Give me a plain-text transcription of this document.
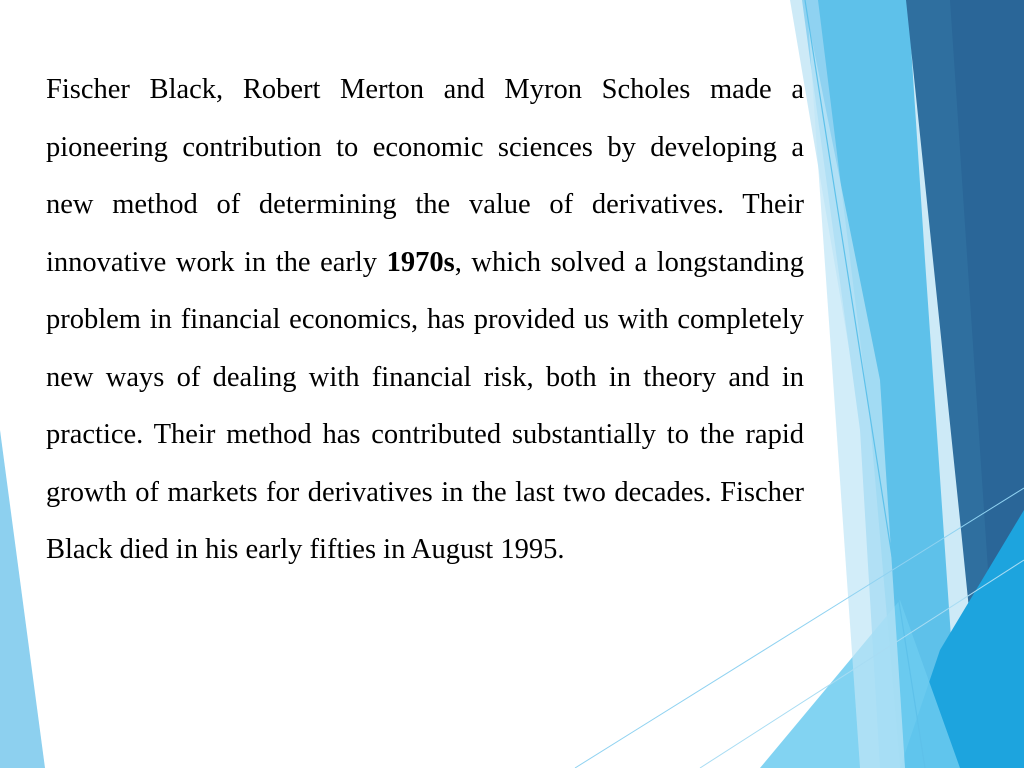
Fischer Black, Robert Merton and Myron Scholes made a pioneering contribution to economic sciences by developing a new method of determining the value of derivatives. Their innovative work in the early 1970s, which solved a longstanding problem in financial economics, has provided us with completely new ways of dealing with financial risk, both in theory and in practice. Their method has contributed substantially to the rapid growth of markets for derivatives in the last two decades. Fischer Black died in his early fifties in August 1995.
